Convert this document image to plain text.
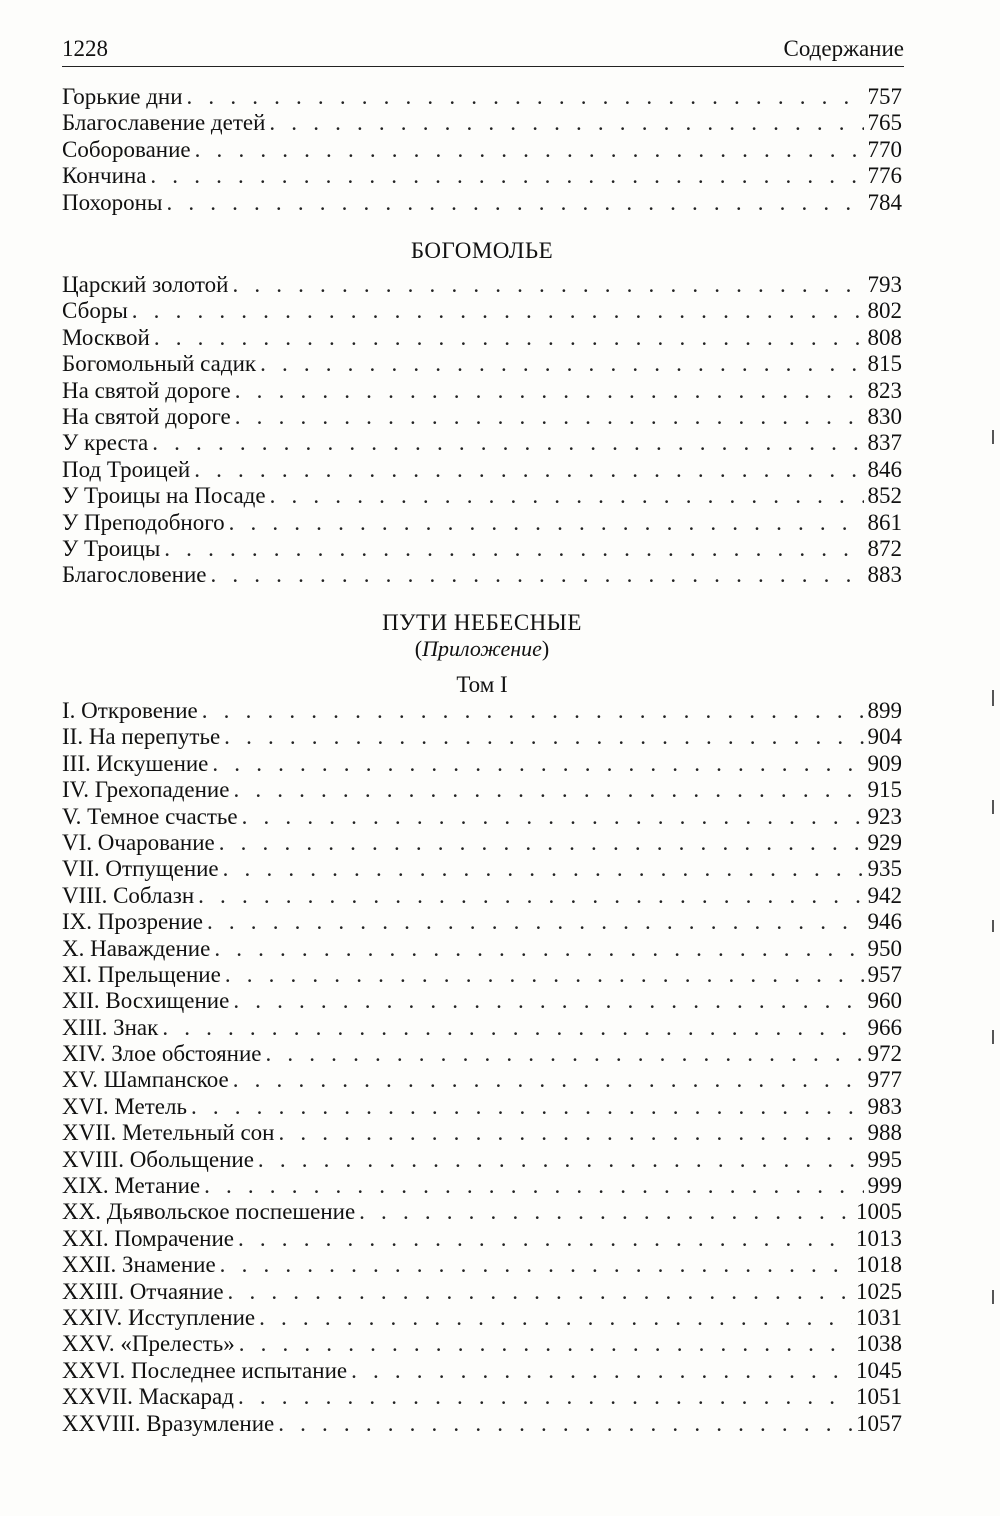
1228	Содержание
Горькие дни . . .	757
Благославение детей . . .	765
Соборование . . .	770
Кончина . . .	776
Похороны . . .	784
БОГОМОЛЬЕ
Царский золотой . . .	793
Сборы . . .	802
Москвой . . .	808
Богомольный садик . . .	815
На святой дороге . . .	823
На святой дороге . . .	830
У креста . . .	837
Под Троицей . . .	846
У Троицы на Посаде . . .	852
У Преподобного . . .	861
У Троицы . . .	872
Благословение . . .	883
ПУТИ НЕБЕСНЫЕ
(Приложение)
Том I
I. Откровение . . .	899
II. На перепутье . . .	904
III. Искушение . . .	909
IV. Грехопадение . . .	915
V. Темное счастье . . .	923
VI. Очарование . . .	929
VII. Отпущение . . .	935
VIII. Соблазн . . .	942
IX. Прозрение . . .	946
X. Наваждение . . .	950
XI. Прельщение . . .	957
XII. Восхищение . . .	960
XIII. Знак . . .	966
XIV. Злое обстояние . . .	972
XV. Шампанское . . .	977
XVI. Метель . . .	983
XVII. Метельный сон . . .	988
XVIII. Обольщение . . .	995
XIX. Метание . . .	999
XX. Дьявольское поспешение . . .	1005
XXI. Помрачение . . .	1013
XXII. Знамение . . .	1018
XXIII. Отчаяние . . .	1025
XXIV. Исступление . . .	1031
XXV. «Прелесть» . . .	1038
XXVI. Последнее испытание . . .	1045
XXVII. Маскарад . . .	1051
XXVIII. Вразумление . . .	1057
